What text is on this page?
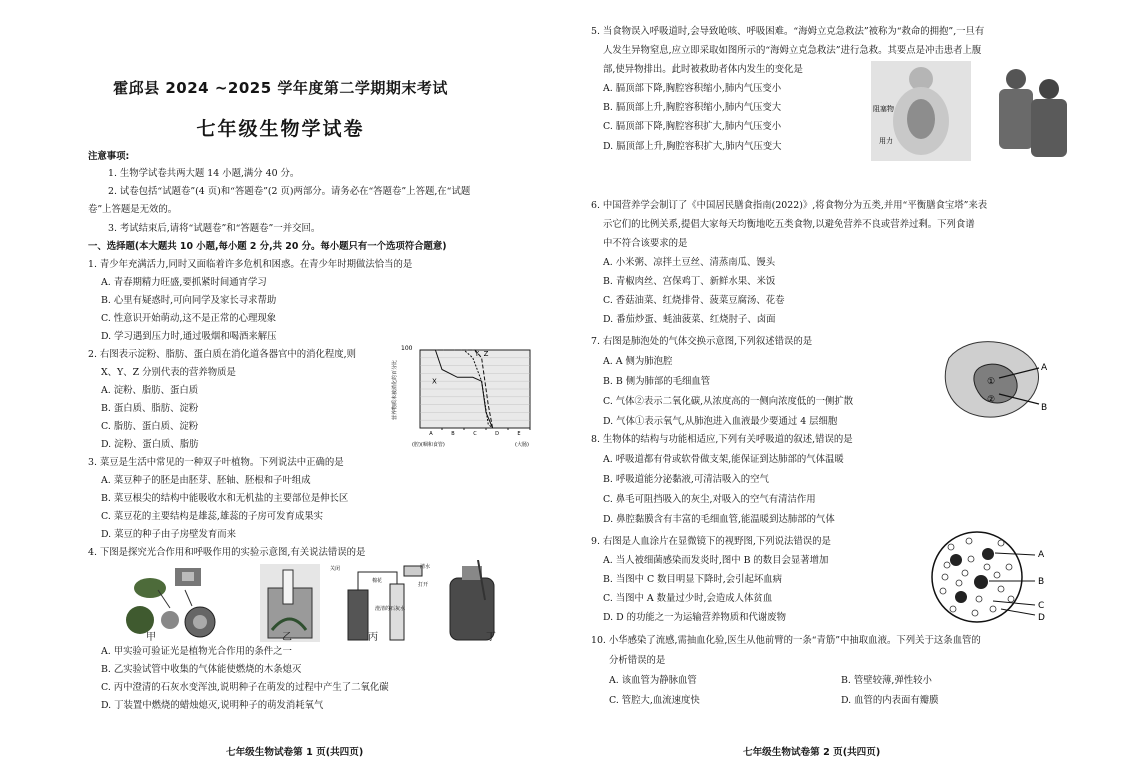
霍邱县 2024 ~2025 学年度第二学期期末考试
七年级生物学试卷
注意事项:
1. 生物学试卷共两大题 14 小题,满分 40 分。
2. 试卷包括“试题卷”(4 页)和“答题卷”(2 页)两部分。请务必在“答题卷”上答题,在“试题
卷”上答题是无效的。
3. 考试结束后,请将“试题卷”和“答题卷”一并交回。
一、选择题(本大题共 10 小题,每小题 2 分,共 20 分。每小题只有一个选项符合题意)
1. 青少年充满活力,同时又面临着许多危机和困惑。在青少年时期做法恰当的是
A. 青春期精力旺盛,要抓紧时间通宵学习
B. 心里有疑惑时,可向同学及家长寻求帮助
C. 性意识开始萌动,这不是正常的心理现象
D. 学习遇到压力时,通过吸烟和喝酒来解压
2. 右图表示淀粉、脂肪、蛋白质在消化道各器官中的消化程度,则
X、Y、Z 分别代表的营养物质是
A. 淀粉、脂肪、蛋白质
B. 蛋白质、脂肪、淀粉
C. 脂肪、蛋白质、淀粉
D. 淀粉、蛋白质、脂肪
营养物质未被消化的百分比
100
X
Y Z
A	B	C	D	E
(腔)(咽和食管)	(大肠)
3. 菜豆是生活中常见的一种双子叶植物。下列说法中正确的是
A. 菜豆种子的胚是由胚芽、胚轴、胚根和子叶组成
B. 菜豆根尖的结构中能吸收水和无机盐的主要部位是伸长区
C. 菜豆花的主要结构是雄蕊,雄蕊的子房可发育成果实
D. 菜豆的种子由子房壁发育而来
4. 下图是探究光合作用和呼吸作用的实验示意图,有关说法错误的是
关闭
打开
清水
棉花
澄清的石灰水
甲	乙	丙	丁
A. 甲实验可验证光是植物光合作用的条件之一
B. 乙实验试管中收集的气体能使燃烧的木条熄灭
C. 丙中澄清的石灰水变浑浊,说明种子在萌发的过程中产生了二氧化碳
D. 丁装置中燃烧的蜡烛熄灭,说明种子的萌发消耗氧气
七年级生物试卷第 1 页(共四页)
5. 当食物误入呼吸道时,会导致呛咳、呼吸困难。“海姆立克急救法”被称为“救命的拥抱”,一旦有
人发生异物窒息,应立即采取如图所示的“海姆立克急救法”进行急救。其要点是冲击患者上腹
部,使异物排出。此时被救助者体内发生的变化是
A. 膈顶部下降,胸腔容积缩小,肺内气压变小
B. 膈顶部上升,胸腔容积缩小,肺内气压变大
C. 膈顶部下降,胸腔容积扩大,肺内气压变小
D. 膈顶部上升,胸腔容积扩大,肺内气压变大
阻塞物
用力
6. 中国营养学会制订了《中国居民膳食指南(2022)》,将食物分为五类,并用“平衡膳食宝塔”来表
示它们的比例关系,提倡大家每天均衡地吃五类食物,以避免营养不良或营养过剩。下列食谱
中不符合该要求的是
A. 小米粥、凉拌土豆丝、清蒸南瓜、馒头
B. 青椒肉丝、宫保鸡丁、新鲜水果、米饭
C. 香菇油菜、红烧排骨、菠菜豆腐汤、花卷
D. 番茄炒蛋、蚝油菠菜、红烧肘子、卤面
7. 右图是肺泡处的气体交换示意图,下列叙述错误的是
A. A 侧为肺泡腔
B. B 侧为肺部的毛细血管
C. 气体②表示二氧化碳,从浓度高的一侧向浓度低的一侧扩散
D. 气体①表示氧气,从肺泡进入血液最少要通过 4 层细胞
①
②
A
B
8. 生物体的结构与功能相适应,下列有关呼吸道的叙述,错误的是
A. 呼吸道都有骨或软骨做支架,能保证到达肺部的气体温暖
B. 呼吸道能分泌黏液,可清洁吸入的空气
C. 鼻毛可阻挡吸入的灰尘,对吸入的空气有清洁作用
D. 鼻腔黏膜含有丰富的毛细血管,能温暖到达肺部的气体
9. 右图是人血涂片在显微镜下的视野图,下列说法错误的是
A. 当人被细菌感染而发炎时,图中 B 的数目会显著增加
B. 当图中 C 数目明显下降时,会引起坏血病
C. 当图中 A 数量过少时,会造成人体贫血
D. D 的功能之一为运输营养物质和代谢废物
A
B
C
D
10. 小华感染了流感,需抽血化验,医生从他前臂的一条“青筋”中抽取血液。下列关于这条血管的
分析错误的是
A. 该血管为静脉血管	B. 管壁较薄,弹性较小
C. 管腔大,血流速度快	D. 血管的内表面有瓣膜
七年级生物试卷第 2 页(共四页)
